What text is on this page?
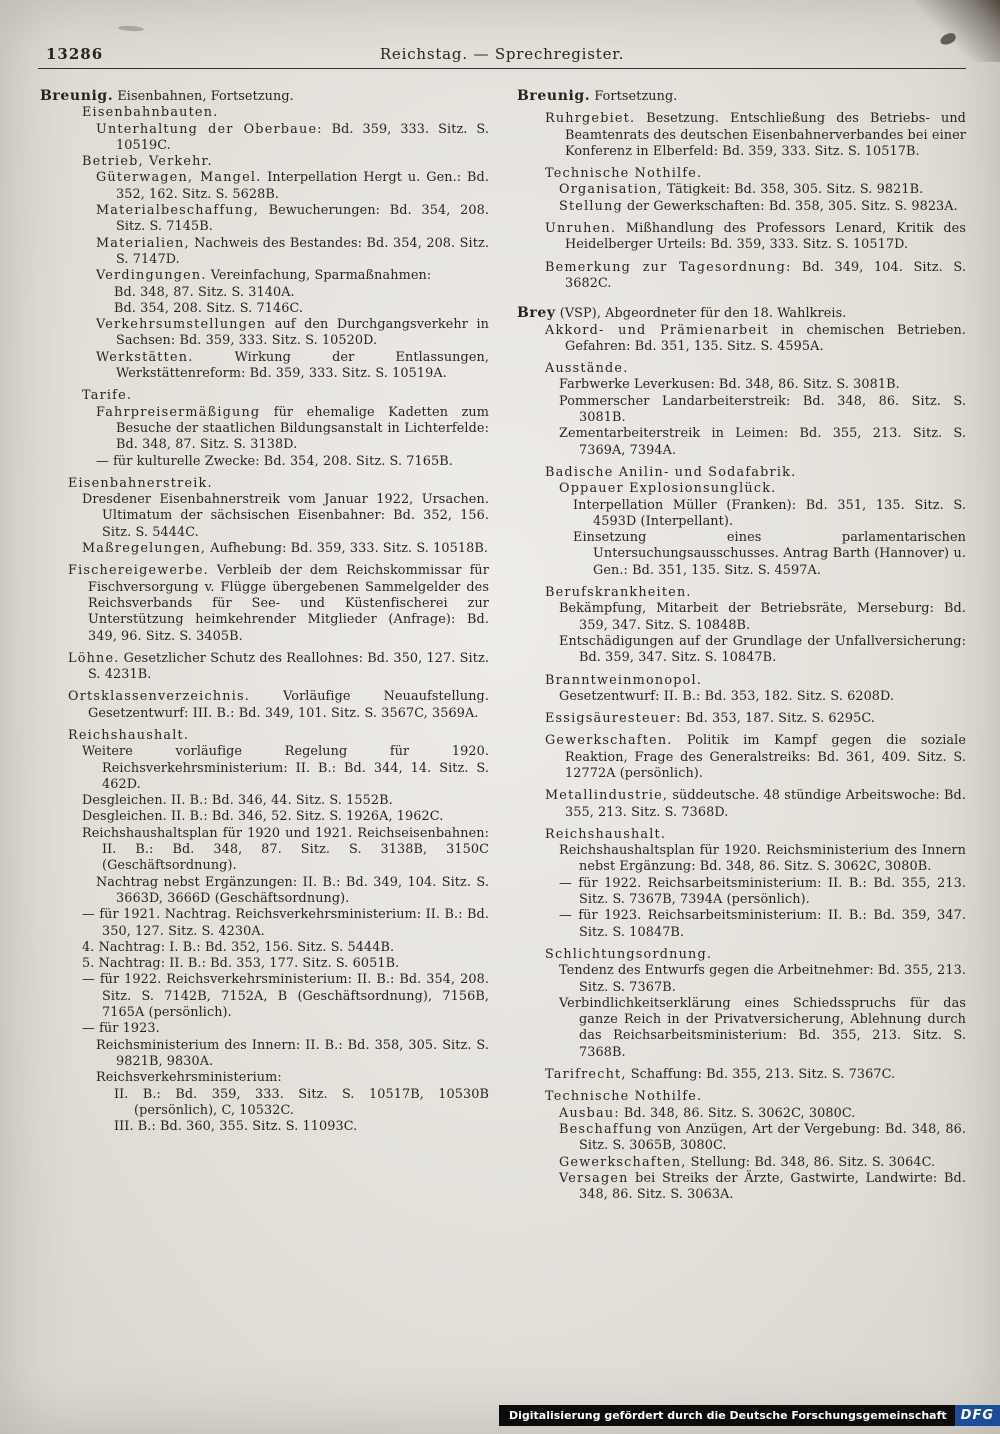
13286	Reichstag. — Sprechregister.
Breunig. Eisenbahnen, Fortsetzung.
Eisenbahnbauten.
Unterhaltung der Oberbaue: Bd. 359, 333. Sitz. S. 10519C.
Betrieb, Verkehr.
Güterwagen, Mangel. Interpellation Hergt u. Gen.: Bd. 352, 162. Sitz. S. 5628B.
Materialbeschaffung, Bewucherungen: Bd. 354, 208. Sitz. S. 7145B.
Materialien, Nachweis des Bestandes: Bd. 354, 208. Sitz. S. 7147D.
Verdingungen. Vereinfachung, Sparmaßnahmen:
Bd. 348, 87. Sitz. S. 3140A.
Bd. 354, 208. Sitz. S. 7146C.
Verkehrsumstellungen auf den Durchgangsverkehr in Sachsen: Bd. 359, 333. Sitz. S. 10520D.
Werkstätten.	Wirkung der Entlassungen, Werkstättenreform: Bd. 359, 333. Sitz. S. 10519A.
Tarife.
Fahrpreisermäßigung für ehemalige Kadetten zum Besuche der staatlichen Bildungsanstalt in Lichterfelde: Bd. 348, 87. Sitz. S. 3138D.
— für kulturelle Zwecke: Bd. 354, 208. Sitz. S. 7165B.
Eisenbahnerstreik.
Dresdener Eisenbahnerstreik vom Januar 1922, Ursachen. Ultimatum der sächsischen Eisenbahner: Bd. 352, 156. Sitz. S. 5444C.
Maßregelungen, Aufhebung: Bd. 359, 333. Sitz. S. 10518B.
Fischereigewerbe. Verbleib der dem Reichskommissar für Fischversorgung v. Flügge übergebenen Sammelgelder des Reichsverbands für See- und Küstenfischerei zur Unterstützung heimkehrender Mitglieder (Anfrage): Bd. 349, 96. Sitz. S. 3405B.
Löhne. Gesetzlicher Schutz des Reallohnes: Bd. 350, 127. Sitz. S. 4231B.
Ortsklassenverzeichnis.	Vorläufige Neuaufstellung. Gesetzentwurf: III. B.: Bd. 349, 101. Sitz. S. 3567C, 3569A.
Reichshaushalt.
Weitere vorläufige Regelung für 1920. Reichsverkehrsministerium: II. B.: Bd. 344, 14. Sitz. S. 462D.
Desgleichen. II. B.: Bd. 346, 44. Sitz. S. 1552B.
Desgleichen. II. B.: Bd. 346, 52. Sitz. S. 1926A, 1962C.
Reichshaushaltsplan für 1920 und 1921. Reichseisenbahnen: II. B.: Bd. 348, 87. Sitz. S. 3138B, 3150C (Geschäftsordnung).
Nachtrag nebst Ergänzungen: II. B.: Bd. 349, 104. Sitz. S. 3663D, 3666D (Geschäftsordnung).
— für 1921. Nachtrag. Reichsverkehrsministerium: II. B.: Bd. 350, 127. Sitz. S. 4230A.
4. Nachtrag: I. B.: Bd. 352, 156. Sitz. S. 5444B.
5. Nachtrag: II. B.: Bd. 353, 177. Sitz. S. 6051B.
— für 1922. Reichsverkehrsministerium: II. B.: Bd. 354, 208. Sitz. S. 7142B, 7152A, B (Geschäftsordnung), 7156B, 7165A (persönlich).
— für 1923.
Reichsministerium des Innern: II. B.: Bd. 358, 305. Sitz. S. 9821B, 9830A.
Reichsverkehrsministerium:
II. B.: Bd. 359, 333. Sitz. S. 10517B, 10530B (persönlich), C, 10532C.
III. B.: Bd. 360, 355. Sitz. S. 11093C.
Breunig. Fortsetzung.
Ruhrgebiet. Besetzung. Entschließung des Betriebs- und Beamtenrats des deutschen Eisenbahnerverbandes bei einer Konferenz in Elberfeld: Bd. 359, 333. Sitz. S. 10517B.
Technische Nothilfe.
Organisation, Tätigkeit: Bd. 358, 305. Sitz. S. 9821B.
Stellung der Gewerkschaften: Bd. 358, 305. Sitz. S. 9823A.
Unruhen. Mißhandlung des Professors Lenard, Kritik des Heidelberger Urteils: Bd. 359, 333. Sitz. S. 10517D.
Bemerkung zur Tagesordnung: Bd. 349, 104. Sitz. S. 3682C.
Brey (VSP), Abgeordneter für den 18. Wahlkreis.
Akkord- und Prämienarbeit in chemischen Betrieben. Gefahren: Bd. 351, 135. Sitz. S. 4595A.
Ausstände.
Farbwerke Leverkusen: Bd. 348, 86. Sitz. S. 3081B.
Pommerscher Landarbeiterstreik: Bd. 348, 86. Sitz. S. 3081B.
Zementarbeiterstreik in Leimen: Bd. 355, 213. Sitz. S. 7369A, 7394A.
Badische Anilin- und Sodafabrik.
Oppauer Explosionsunglück.
Interpellation Müller (Franken): Bd. 351, 135. Sitz. S. 4593D (Interpellant).
Einsetzung eines parlamentarischen Untersuchungsausschusses. Antrag Barth (Hannover) u. Gen.: Bd. 351, 135. Sitz. S. 4597A.
Berufskrankheiten.
Bekämpfung, Mitarbeit der Betriebsräte, Merseburg: Bd. 359, 347. Sitz. S. 10848B.
Entschädigungen auf der Grundlage der Unfallversicherung: Bd. 359, 347. Sitz. S. 10847B.
Branntweinmonopol.
Gesetzentwurf: II. B.: Bd. 353, 182. Sitz. S. 6208D.
Essigsäuresteuer: Bd. 353, 187. Sitz. S. 6295C.
Gewerkschaften. Politik im Kampf gegen die soziale Reaktion, Frage des Generalstreiks: Bd. 361, 409. Sitz. S. 12772A (persönlich).
Metallindustrie, süddeutsche. 48 stündige Arbeitswoche: Bd. 355, 213. Sitz. S. 7368D.
Reichshaushalt.
Reichshaushaltsplan für 1920. Reichsministerium des Innern nebst Ergänzung: Bd. 348, 86. Sitz. S. 3062C, 3080B.
— für 1922. Reichsarbeitsministerium: II. B.: Bd. 355, 213. Sitz. S. 7367B, 7394A (persönlich).
— für 1923. Reichsarbeitsministerium: II. B.: Bd. 359, 347. Sitz. S. 10847B.
Schlichtungsordnung.
Tendenz des Entwurfs gegen die Arbeitnehmer: Bd. 355, 213. Sitz. S. 7367B.
Verbindlichkeitserklärung eines Schiedsspruchs für das ganze Reich in der Privatversicherung, Ablehnung durch das Reichsarbeitsministerium: Bd. 355, 213. Sitz. S. 7368B.
Tarifrecht, Schaffung: Bd. 355, 213. Sitz. S. 7367C.
Technische Nothilfe.
Ausbau: Bd. 348, 86. Sitz. S. 3062C, 3080C.
Beschaffung von Anzügen, Art der Vergebung: Bd. 348, 86. Sitz. S. 3065B, 3080C.
Gewerkschaften, Stellung: Bd. 348, 86. Sitz. S. 3064C.
Versagen bei Streiks der Ärzte, Gastwirte, Landwirte: Bd. 348, 86. Sitz. S. 3063A.
Digitalisierung gefördert durch die Deutsche Forschungsgemeinschaft	DFG
